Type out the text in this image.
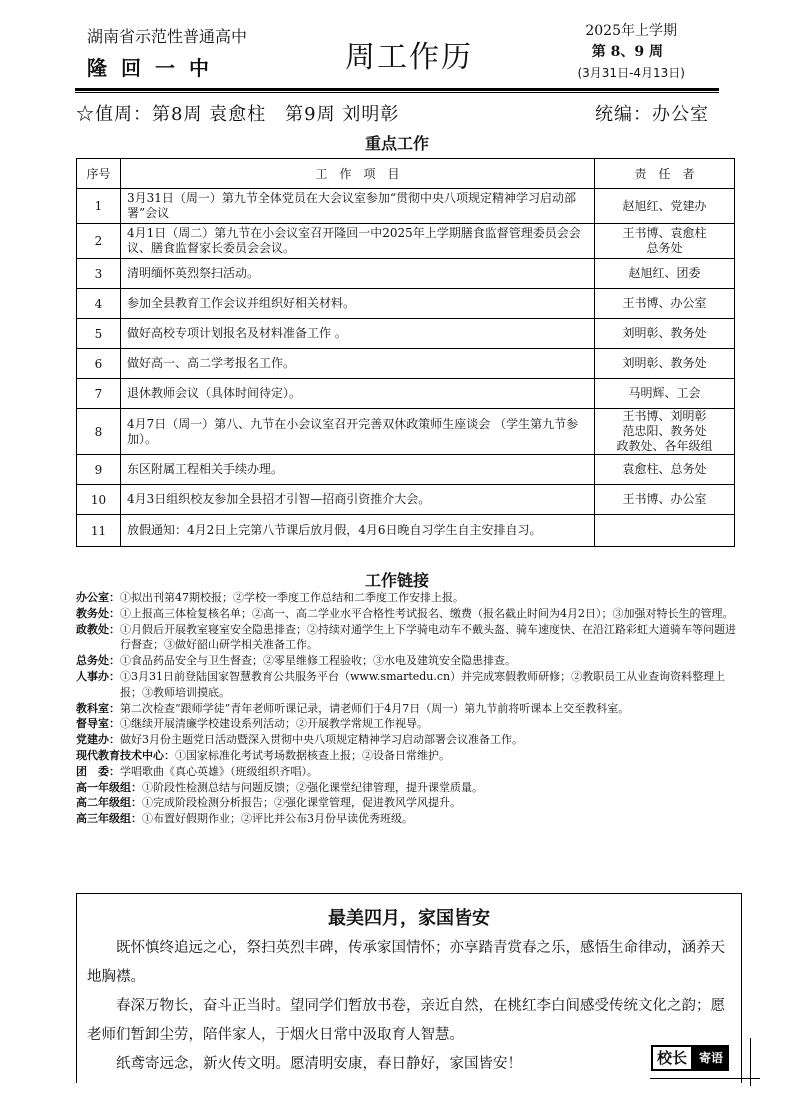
湖南省示范性普通高中
隆回一中	周工作历
2025年上学期
第 8、9 周
(3月31日-4月13日)
☆值周：第8周 袁愈柱　第9周 刘明彰	统编：办公室
重点工作
序号	工　作　项　目	责　任　者
1	3月31日（周一）第九节全体党员在大会议室参加“贯彻中央八项规定精神学习启动部署”会议	赵旭红、党建办
2	4月1日（周二）第九节在小会议室召开隆回一中2025年上学期膳食监督管理委员会会议、膳食监督家长委员会会议。	王书博、袁愈柱
总务处
3	清明缅怀英烈祭扫活动。	赵旭红、团委
4	参加全县教育工作会议并组织好相关材料。	王书博、办公室
5	做好高校专项计划报名及材料准备工作 。	刘明彰、教务处
6	做好高一、高二学考报名工作。	刘明彰、教务处
7	退休教师会议（具体时间待定）。	马明辉、工会
8	4月7日（周一）第八、九节在小会议室召开完善双休政策师生座谈会 （学生第九节参加）。	王书博、刘明彰
范忠阳、教务处
政教处、各年级组
9	东区附属工程相关手续办理。	袁愈柱、总务处
10	4月3日组织校友参加全县招才引智—招商引资推介大会。	王书博、办公室
11	放假通知：4月2日上完第八节课后放月假，4月6日晚自习学生自主安排自习。	
工作链接
办公室： ①拟出刊第47期校报；②学校一季度工作总结和二季度工作安排上报。
教务处： ①上报高三体检复核名单；②高一、高二学业水平合格性考试报名、缴费（报名截止时间为4月2日）；③加强对特长生的管理。
政教处： ①月假后开展教室寝室安全隐患排查；②持续对通学生上下学骑电动车不戴头盔、骑车速度快、在沿江路彩虹大道骑车等问题进行督查；③做好韶山研学相关准备工作。
总务处： ①食品药品安全与卫生督查；②零星维修工程验收；③水电及建筑安全隐患排查。
人事办： ①3月31日前登陆国家智慧教育公共服务平台（www.smartedu.cn）并完成寒假教师研修；②教职员工从业查询资料整理上报；③教师培训摸底。
教科室： 第二次检查“跟师学徒”青年老师听课记录，请老师们于4月7日（周一）第九节前将听课本上交至教科室。
督导室： ①继续开展清廉学校建设系列活动；②开展教学常规工作视导。
党建办： 做好3月份主题党日活动暨深入贯彻中央八项规定精神学习启动部署会议准备工作。
现代教育技术中心： ①国家标准化考试考场数据核查上报；②设备日常维护。
团　委： 学唱歌曲《真心英雄》（班级组织齐唱）。
高一年级组： ①阶段性检测总结与问题反馈；②强化课堂纪律管理，提升课堂质量。
高二年级组： ①完成阶段检测分析报告；②强化课堂管理，促进教风学风提升。
高三年级组： ①布置好假期作业；②评比并公布3月份早读优秀班级。
最美四月，家国皆安

既怀慎终追远之心，祭扫英烈丰碑，传承家国情怀；亦享踏青赏春之乐，感悟生命律动，涵养天地胸襟。

春深万物长，奋斗正当时。望同学们暂放书卷，亲近自然，在桃红李白间感受传统文化之韵；愿老师们暂卸尘劳，陪伴家人，于烟火日常中汲取育人智慧。

纸鸢寄远念，新火传文明。愿清明安康，春日静好，家国皆安！	校长	寄语
